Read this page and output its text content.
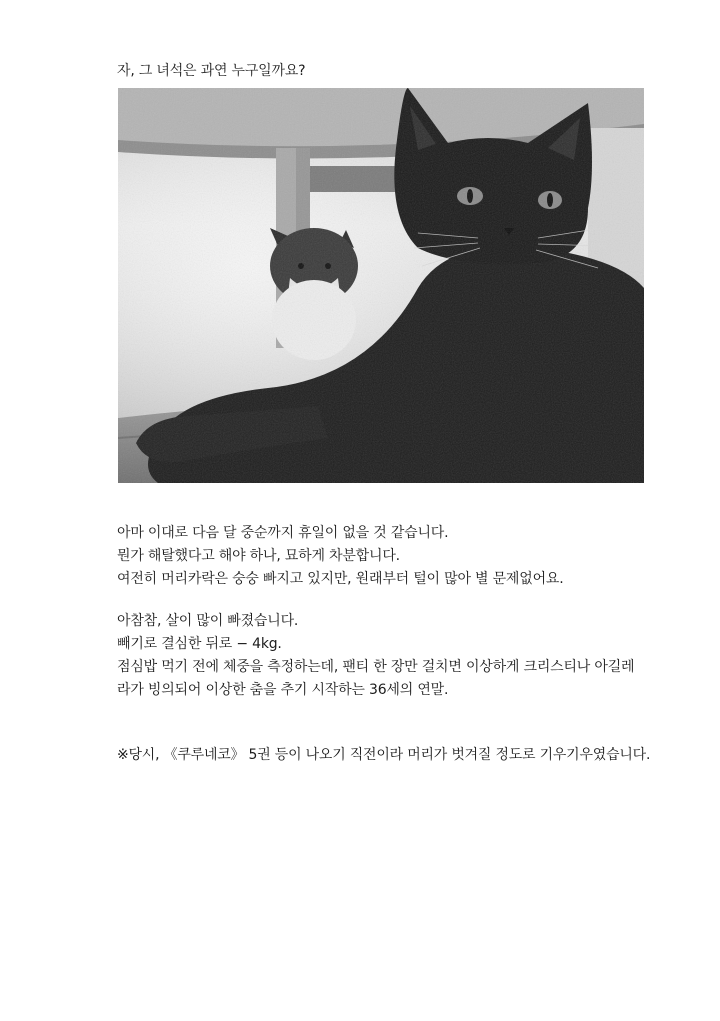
자, 그 녀석은 과연 누구일까요?
아마 이대로 다음 달 중순까지 휴일이 없을 것 같습니다.
뭔가 해탈했다고 해야 하나, 묘하게 차분합니다.
여전히 머리카락은 숭숭 빠지고 있지만, 원래부터 털이 많아 별 문제없어요.
아참참, 살이 많이 빠졌습니다.
빼기로 결심한 뒤로 − 4kg.
점심밥 먹기 전에 체중을 측정하는데, 팬티 한 장만 걸치면 이상하게 크리스티나 아길레
라가 빙의되어 이상한 춤을 추기 시작하는 36세의 연말.
※당시, 《쿠루네코》 5권 등이 나오기 직전이라 머리가 벗겨질 정도로 기우기우였습니다.
